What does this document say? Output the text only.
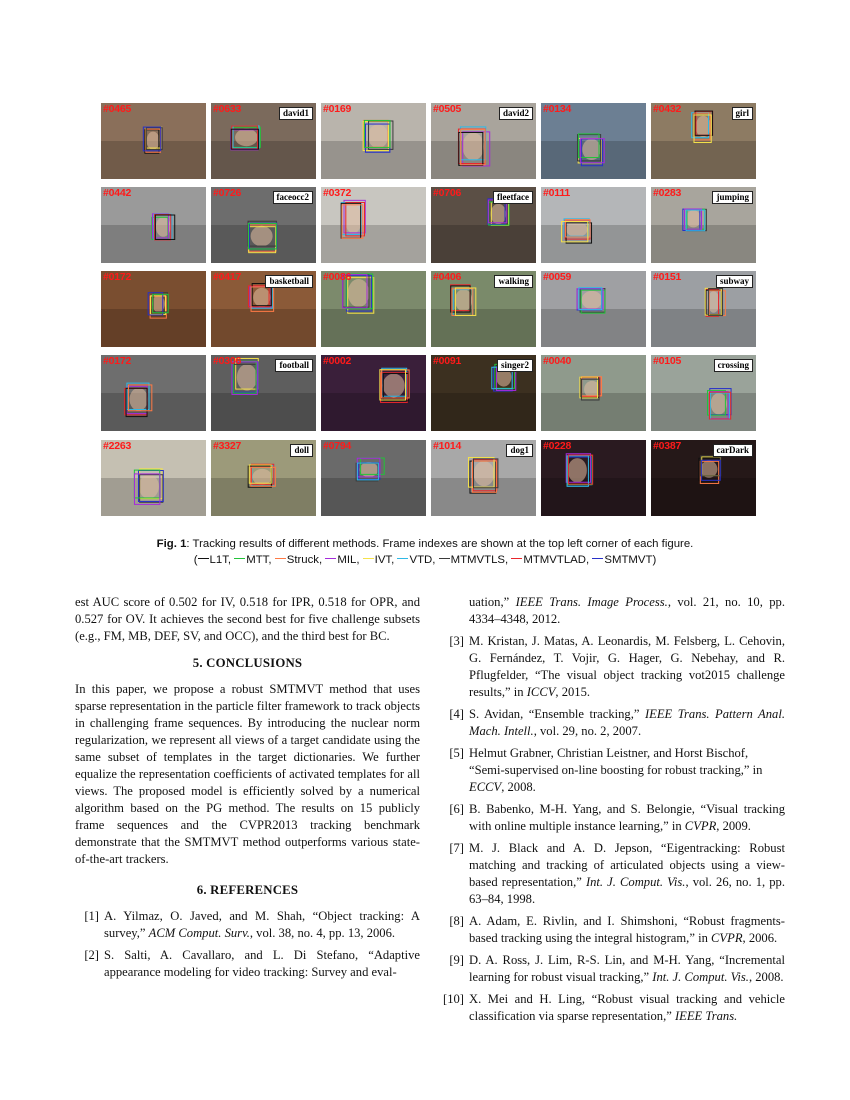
#0465	#0633	david1	#0169	#0505	david2	#0134	#0432	girl
#0442	#0726	faceocc2	#0372	#0706	fleetface	#0111	#0283	jumping
#0172	#0417	basketball	#0086	#0406	walking	#0059	#0151	subway
#0172	#0306	football	#0002	#0091	singer2	#0040	#0105	crossing
#2263	#3327	doll	#0794	#1014	dog1	#0228	#0387	carDark
Fig. 1: Tracking results of different methods. Frame indexes are shown at the top left corner of each figure.
( L1T, MTT, Struck, MIL, IVT, VTD, MTMVTLS, MTMVTLAD, SMTMVT)

est AUC score of 0.502 for IV, 0.518 for IPR, 0.518 for OPR, and 0.527 for OV. It achieves the second best for five challenge subsets (e.g., FM, MB, DEF, SV, and OCC), and the third best for BC.

5. CONCLUSIONS

In this paper, we propose a robust SMTMVT method that uses sparse representation in the particle filter framework to track objects in challenging frame sequences. By introducing the nuclear norm regularization, we represent all views of a target candidate using the same subset of templates in the target dictionaries. We further equalize the representation coefficients of activated templates for all views. The proposed model is efficiently solved by a numerical algorithm based on the PG method. The results on 15 publicly frame sequences and the CVPR2013 tracking benchmark demonstrate that the SMTMVT method outperforms various state-of-the-art trackers.

6. REFERENCES
[1] A. Yilmaz, O. Javed, and M. Shah, “Object tracking: A survey,” ACM Comput. Surv., vol. 38, no. 4, pp. 13, 2006.
[2] S. Salti, A. Cavallaro, and L. Di Stefano, “Adaptive appearance modeling for video tracking: Survey and eval-
uation,” IEEE Trans. Image Process., vol. 21, no. 10, pp. 4334–4348, 2012.
[3] M. Kristan, J. Matas, A. Leonardis, M. Felsberg, L. Cehovin, G. Fernández, T. Vojir, G. Hager, G. Nebehay, and R. Pflugfelder, “The visual object tracking vot2015 challenge results,” in ICCV, 2015.
[4] S. Avidan, “Ensemble tracking,” IEEE Trans. Pattern Anal. Mach. Intell., vol. 29, no. 2, 2007.
[5] Helmut Grabner, Christian Leistner, and Horst Bischof, “Semi-supervised on-line boosting for robust tracking,” in ECCV, 2008.
[6] B. Babenko, M-H. Yang, and S. Belongie, “Visual tracking with online multiple instance learning,” in CVPR, 2009.
[7] M. J. Black and A. D. Jepson, “Eigentracking: Robust matching and tracking of articulated objects using a view-based representation,” Int. J. Comput. Vis., vol. 26, no. 1, pp. 63–84, 1998.
[8] A. Adam, E. Rivlin, and I. Shimshoni, “Robust fragments-based tracking using the integral histogram,” in CVPR, 2006.
[9] D. A. Ross, J. Lim, R-S. Lin, and M-H. Yang, “Incremental learning for robust visual tracking,” Int. J. Comput. Vis., 2008.
[10] X. Mei and H. Ling, “Robust visual tracking and vehicle classification via sparse representation,” IEEE Trans.
